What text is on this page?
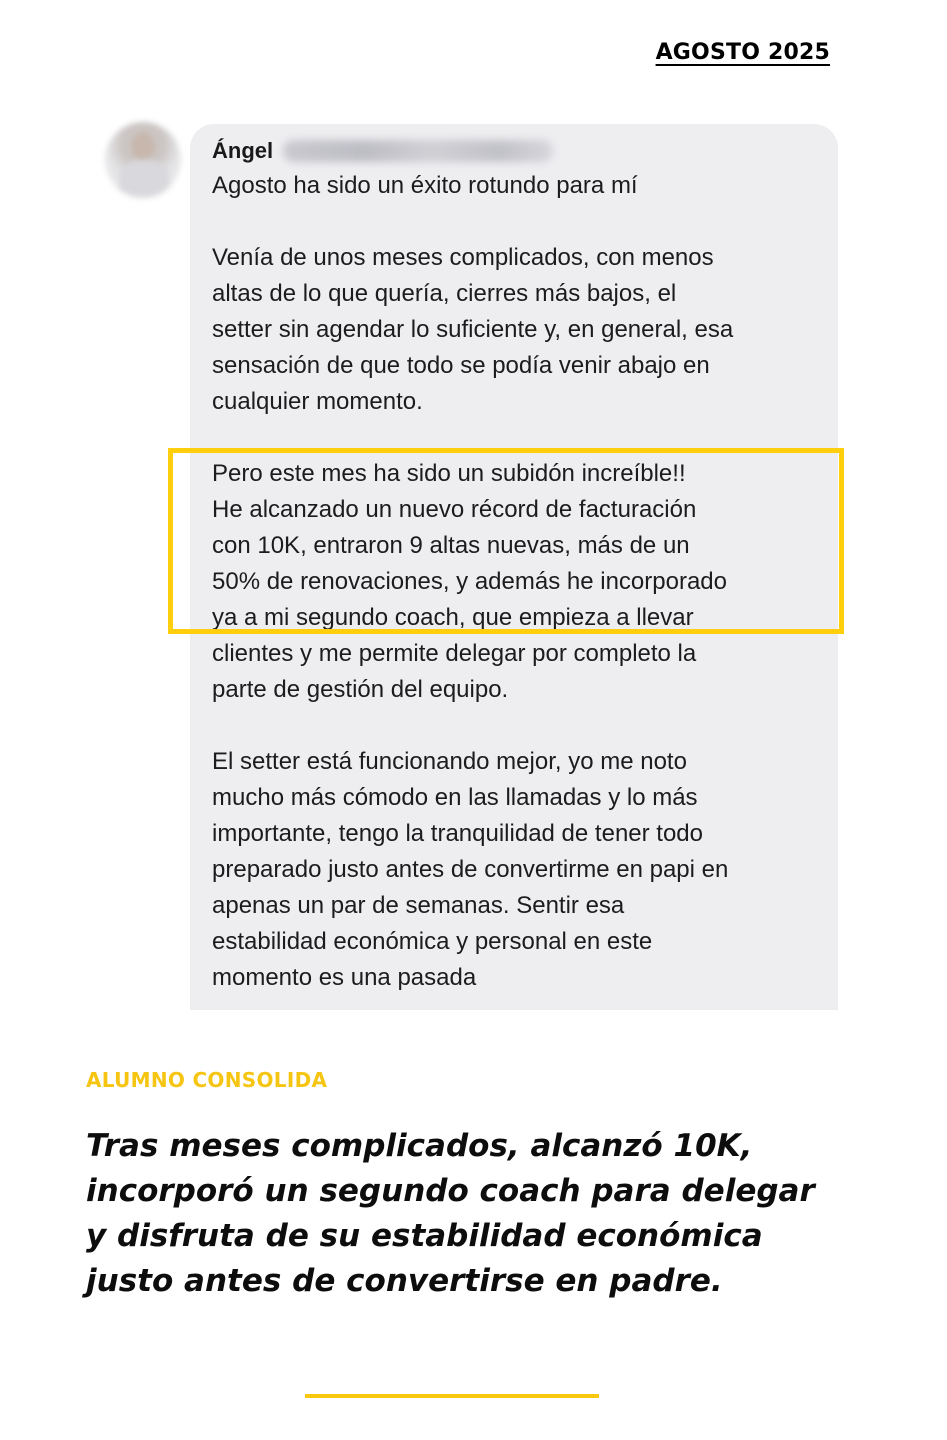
AGOSTO 2025
Ángel
Agosto ha sido un éxito rotundo para mí

Venía de unos meses complicados, con menos
altas de lo que quería, cierres más bajos, el
setter sin agendar lo suficiente y, en general, esa
sensación de que todo se podía venir abajo en
cualquier momento.

Pero este mes ha sido un subidón increíble!!
He alcanzado un nuevo récord de facturación
con 10K, entraron 9 altas nuevas, más de un
50% de renovaciones, y además he incorporado
ya a mi segundo coach, que empieza a llevar
clientes y me permite delegar por completo la
parte de gestión del equipo.

El setter está funcionando mejor, yo me noto
mucho más cómodo en las llamadas y lo más
importante, tengo la tranquilidad de tener todo
preparado justo antes de convertirme en papi en
apenas un par de semanas. Sentir esa
estabilidad económica y personal en este
momento es una pasada
ALUMNO CONSOLIDA
Tras meses complicados, alcanzó 10K, incorporó un segundo coach para delegar y disfruta de su estabilidad económica justo antes de convertirse en padre.
